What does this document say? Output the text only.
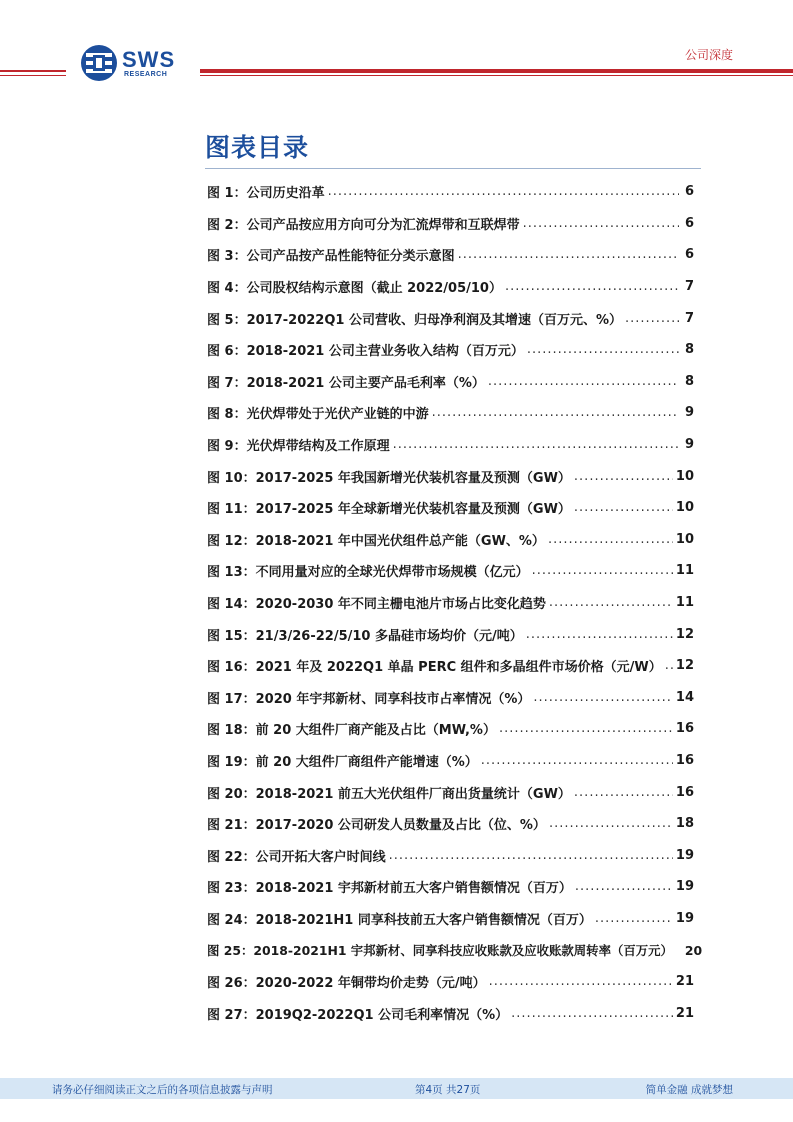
SWS
RESEARCH
公司深度
图表目录
图 1：公司历史沿革 .....	6
图 2：公司产品按应用方向可分为汇流焊带和互联焊带 .....	6
图 3：公司产品按产品性能特征分类示意图 .....	6
图 4：公司股权结构示意图（截止 2022/05/10） .....	7
图 5：2017-2022Q1 公司营收、归母净利润及其增速（百万元、%） .....	7
图 6：2018-2021 公司主营业务收入结构（百万元） .....	8
图 7：2018-2021 公司主要产品毛利率（%） .....	8
图 8：光伏焊带处于光伏产业链的中游 .....	9
图 9：光伏焊带结构及工作原理 .....	9
图 10：2017-2025 年我国新增光伏装机容量及预测（GW） .....	10
图 11：2017-2025 年全球新增光伏装机容量及预测（GW） .....	10
图 12：2018-2021 年中国光伏组件总产能（GW、%） .....	10
图 13：不同用量对应的全球光伏焊带市场规模（亿元） .....	11
图 14：2020-2030 年不同主栅电池片市场占比变化趋势 .....	11
图 15：21/3/26-22/5/10 多晶硅市场均价（元/吨） .....	12
图 16：2021 年及 2022Q1 单晶 PERC 组件和多晶组件市场价格（元/W） ..... 12
图 17：2020 年宇邦新材、同享科技市占率情况（%） .....	14
图 18：前 20 大组件厂商产能及占比（MW,%） .....	16
图 19：前 20 大组件厂商组件产能增速（%） .....	16
图 20：2018-2021 前五大光伏组件厂商出货量统计（GW） .....	16
图 21：2017-2020 公司研发人员数量及占比（位、%） .....	18
图 22：公司开拓大客户时间线 .....	19
图 23：2018-2021 宇邦新材前五大客户销售额情况（百万） .....	19
图 24：2018-2021H1 同享科技前五大客户销售额情况（百万） .....	19
图 25：2018-2021H1 宇邦新材、同享科技应收账款及应收账款周转率（百万元） 20
图 26：2020-2022 年铜带均价走势（元/吨） .....	21
图 27：2019Q2-2022Q1 公司毛利率情况（%） .....	21
请务必仔细阅读正文之后的各项信息披露与声明	第4页 共27页	简单金融 成就梦想
